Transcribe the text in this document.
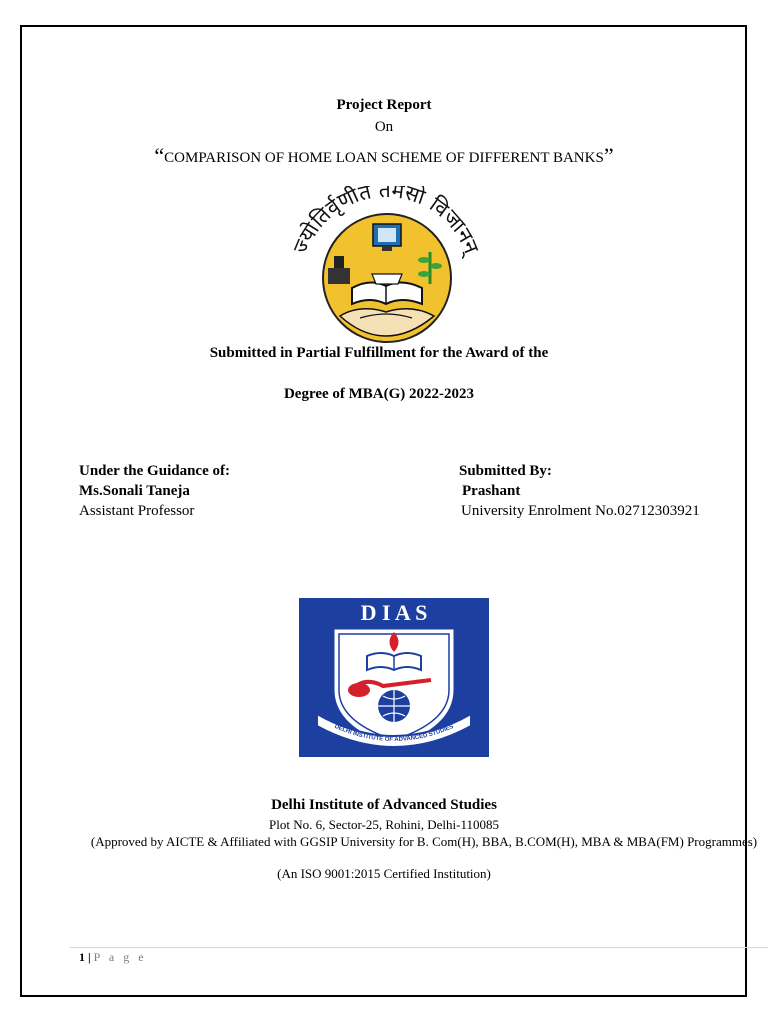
Project Report
On
“COMPARISON OF HOME LOAN SCHEME OF DIFFERENT BANKS”
ज्योतिर्वृणीत तमसो विजानन्
Submitted in Partial Fulfillment for the Award of the
Degree of MBA(G) 2022-2023
Under the Guidance of:
Ms.Sonali Taneja
Assistant Professor
Submitted By:
Prashant
University Enrolment No.02712303921
D I A S
DELHI INSTITUTE OF ADVANCED STUDIES
Delhi Institute of Advanced Studies
Plot No. 6, Sector-25, Rohini, Delhi-110085
(Approved by AICTE & Affiliated with GGSIP University for B. Com(H), BBA, B.COM(H), MBA & MBA(FM) Programmes)
(An ISO 9001:2015 Certified Institution)
1 | P a g e
